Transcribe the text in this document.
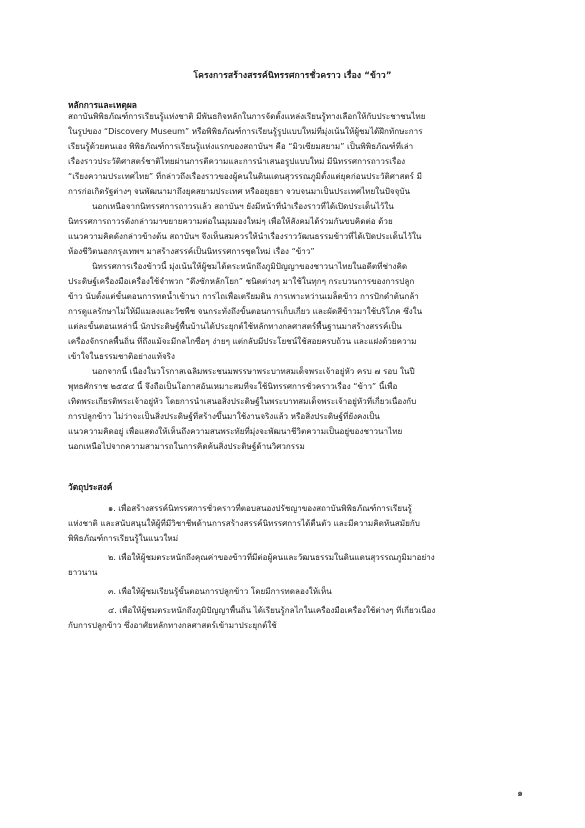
โครงการสร้างสรรค์นิทรรศการชั่วคราว เรื่อง “ข้าว”
หลักการและเหตุผล
สถาบันพิพิธภัณฑ์การเรียนรู้แห่งชาติ มีพันธกิจหลักในการจัดตั้งแหล่งเรียนรู้ทางเลือกให้กับประชาชนไทย
ในรูปของ “Discovery Museum” หรือพิพิธภัณฑ์การเรียนรู้รูปแบบใหม่ที่มุ่งเน้นให้ผู้ชมได้ฝึกทักษะการ
เรียนรู้ด้วยตนเอง พิพิธภัณฑ์การเรียนรู้แห่งแรกของสถาบันฯ คือ “มิวเซียมสยาม” เป็นพิพิธภัณฑ์ที่เล่า
เรื่องราวประวัติศาสตร์ชาติไทยผ่านการตีความและการนำเสนอรูปแบบใหม่ มีนิทรรศการถาวรเรื่อง
“เรียงความประเทศไทย” ที่กล่าวถึงเรื่องราวของผู้คนในดินแดนสุวรรณภูมิตั้งแต่ยุคก่อนประวัติศาสตร์ มี
การก่อเกิดรัฐต่างๆ จนพัฒนามาถึงยุคสยามประเทศ หรืออยุธยา จวบจนมาเป็นประเทศไทยในปัจจุบัน
นอกเหนือจากนิทรรศการถาวรแล้ว สถาบันฯ ยังมีหน้าที่นำเรื่องราวที่ได้เปิดประเด็นไว้ใน
นิทรรศการถาวรดังกล่าวมาขยายความต่อในมุมมองใหม่ๆ เพื่อให้สังคมได้ร่วมกันขบคิดต่อ ด้วย
แนวความคิดดังกล่าวข้างต้น สถาบันฯ จึงเห็นสมควรให้นำเรื่องราววัฒนธรรมข้าวที่ได้เปิดประเด็นไว้ใน
ห้องชีวิตนอกกรุงเทพฯ มาสร้างสรรค์เป็นนิทรรศการชุดใหม่ เรื่อง “ข้าว”
นิทรรศการเรื่องข้าวนี้ มุ่งเน้นให้ผู้ชมได้ตระหนักถึงภูมิปัญญาของชาวนาไทยในอดีตที่ช่างคิด
ประดิษฐ์เครื่องมือเครื่องใช้จำพวก “ดึงซักหลักโยก” ชนิดต่างๆ มาใช้ในทุกๆ กระบวนการของการปลูก
ข้าว นับตั้งแต่ขั้นตอนการทดน้ำเข้านา การไถเพื่อเตรียมดิน การเพาะหว่านเมล็ดข้าว การปักดำต้นกล้า
การดูแลรักษาไม่ให้มีแมลงและวัชพืช จนกระทั่งถึงขั้นตอนการเก็บเกี่ยว และผัดสีข้าวมาใช้บริโภค ซึ่งใน
แต่ละขั้นตอนเหล่านี้ นักประดิษฐ์พื้นบ้านได้ประยุกต์ใช้หลักทางกลศาสตร์พื้นฐานมาสร้างสรรค์เป็น
เครื่องจักรกลพื้นถิ่น ที่ถึงแม้จะมีกลไกซื่อๆ ง่ายๆ แต่กลับมีประโยชน์ใช้สอยครบถ้วน และแฝงด้วยความ
เข้าใจในธรรมชาติอย่างแท้จริง
นอกจากนี้ เนื่องในวโรกาสเฉลิมพระชนมพรรษาพระบาทสมเด็จพระเจ้าอยู่หัว ครบ ๗ รอบ ในปี
พุทธศักราช ๒๕๕๔ นี้ จึงถือเป็นโอกาสอันเหมาะสมที่จะใช้นิทรรศการชั่วคราวเรื่อง “ข้าว” นี้เพื่อ
เทิดพระเกียรติพระเจ้าอยู่หัว โดยการนำเสนอสิ่งประดิษฐ์ในพระบาทสมเด็จพระเจ้าอยู่หัวที่เกี่ยวเนื่องกับ
การปลูกข้าว ไม่ว่าจะเป็นสิ่งประดิษฐ์ที่สร้างขึ้นมาใช้งานจริงแล้ว หรือสิ่งประดิษฐ์ที่ยังคงเป็น
แนวความคิดอยู่ เพื่อแสดงให้เห็นถึงความสนพระทัยที่มุ่งจะพัฒนาชีวิตความเป็นอยู่ของชาวนาไทย
นอกเหนือไปจากความสามารถในการคิดค้นสิ่งประดิษฐ์ด้านวิศวกรรม
วัตถุประสงค์
๑. เพื่อสร้างสรรค์นิทรรศการชั่วคราวที่ตอบสนองปรัชญาของสถาบันพิพิธภัณฑ์การเรียนรู้
แห่งชาติ และสนับสนุนให้ผู้ที่มีวิชาชีพด้านการสร้างสรรค์นิทรรศการได้ตื่นตัว และมีความคิดหันสมัยกับ
พิพิธภัณฑ์การเรียนรู้ในแนวใหม่
๒. เพื่อให้ผู้ชมตระหนักถึงคุณค่าของข้าวที่มีต่อผู้คนและวัฒนธรรมในดินแดนสุวรรณภูมิมาอย่าง
ยาวนาน
๓. เพื่อให้ผู้ชมเรียนรู้ขั้นตอนการปลูกข้าว โดยมีการทดลองให้เห็น
๔. เพื่อให้ผู้ชมตระหนักถึงภูมิปัญญาพื้นถิ่น ได้เรียนรู้กลไกในเครื่องมือเครื่องใช้ต่างๆ ที่เกี่ยวเนื่อง
กับการปลูกข้าว ซึ่งอาศัยหลักทางกลศาสตร์เข้ามาประยุกต์ใช้
๑
